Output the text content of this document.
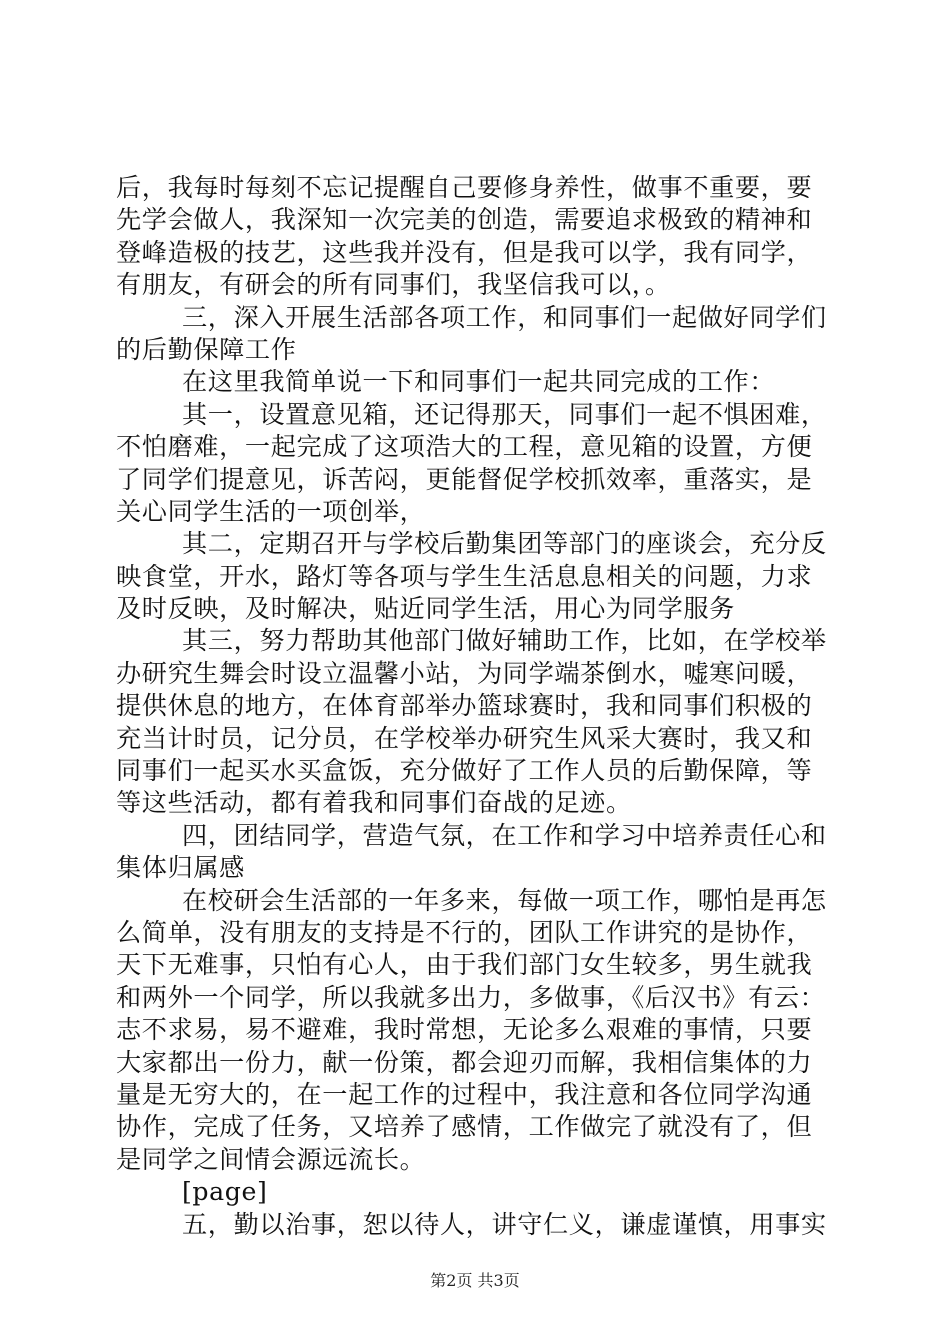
后，我每时每刻不忘记提醒自己要修身养性，做事不重要，要
先学会做人，我深知一次完美的创造，需要追求极致的精神和
登峰造极的技艺，这些我并没有，但是我可以学，我有同学，
有朋友，有研会的所有同事们，我坚信我可以，。
三，深入开展生活部各项工作，和同事们一起做好同学们
的后勤保障工作
在这里我简单说一下和同事们一起共同完成的工作：
其一，设置意见箱，还记得那天，同事们一起不惧困难，
不怕磨难，一起完成了这项浩大的工程，意见箱的设置，方便
了同学们提意见，诉苦闷，更能督促学校抓效率，重落实，是
关心同学生活的一项创举，
其二，定期召开与学校后勤集团等部门的座谈会，充分反
映食堂，开水，路灯等各项与学生生活息息相关的问题，力求
及时反映，及时解决，贴近同学生活，用心为同学服务
其三，努力帮助其他部门做好辅助工作，比如，在学校举
办研究生舞会时设立温馨小站，为同学端茶倒水，嘘寒问暖，
提供休息的地方，在体育部举办篮球赛时，我和同事们积极的
充当计时员，记分员，在学校举办研究生风采大赛时，我又和
同事们一起买水买盒饭，充分做好了工作人员的后勤保障，等
等这些活动，都有着我和同事们奋战的足迹。
四，团结同学，营造气氛，在工作和学习中培养责任心和
集体归属感
在校研会生活部的一年多来，每做一项工作，哪怕是再怎
么简单，没有朋友的支持是不行的，团队工作讲究的是协作，
天下无难事，只怕有心人，由于我们部门女生较多，男生就我
和两外一个同学，所以我就多出力，多做事，《后汉书》有云：
志不求易，易不避难，我时常想，无论多么艰难的事情，只要
大家都出一份力，献一份策，都会迎刃而解，我相信集体的力
量是无穷大的，在一起工作的过程中，我注意和各位同学沟通
协作，完成了任务，又培养了感情，工作做完了就没有了，但
是同学之间情会源远流长。
[page]
五，勤以治事，恕以待人，讲守仁义，谦虚谨慎，用事实
第2页 共3页
